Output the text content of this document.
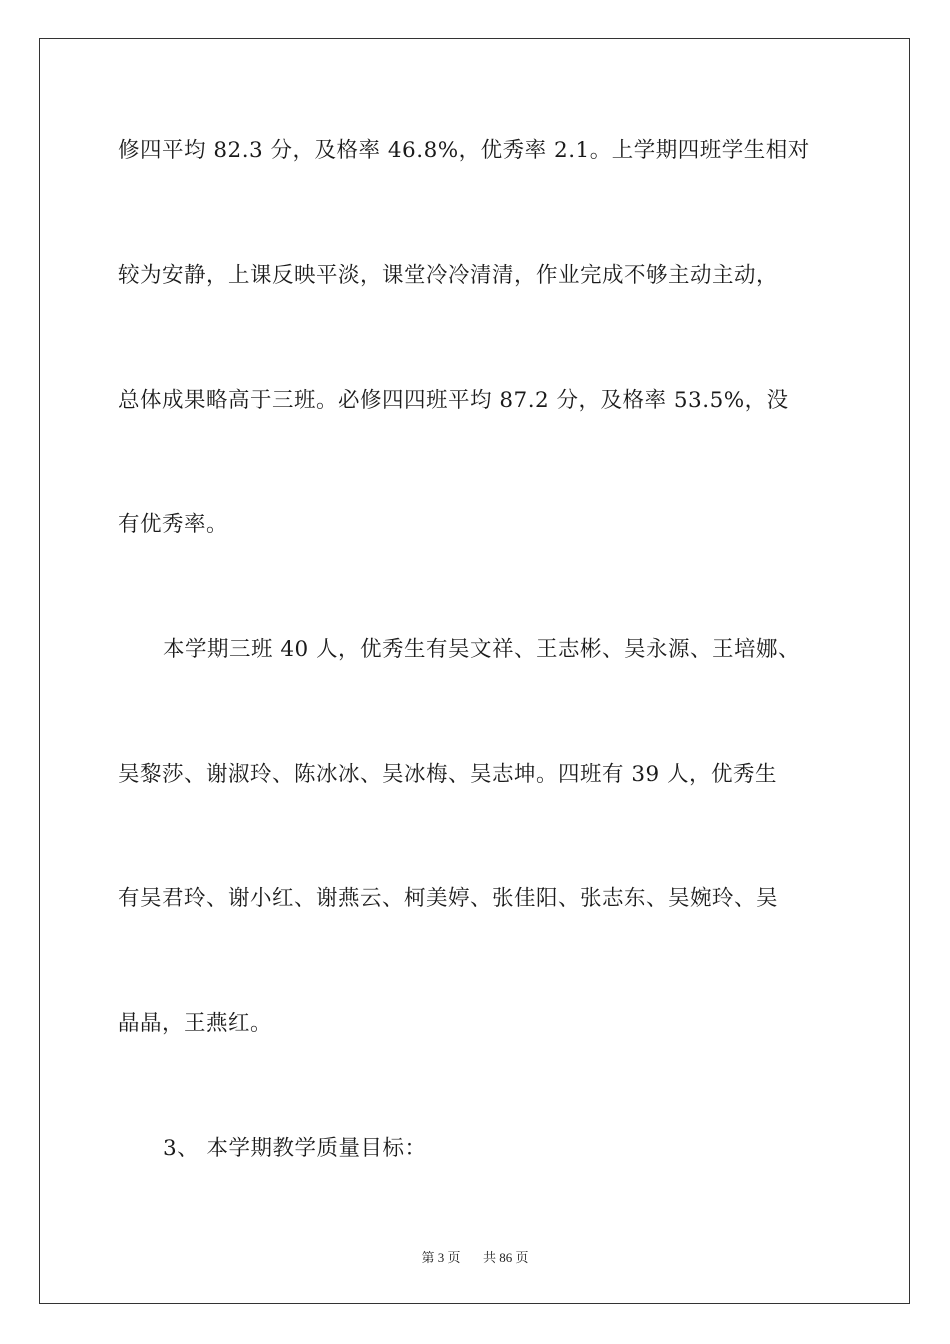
修四平均 82.3 分，及格率 46.8%，优秀率 2.1。上学期四班学生相对
较为安静，上课反映平淡，课堂冷冷清清，作业完成不够主动主动，
总体成果略高于三班。必修四四班平均 87.2 分，及格率 53.5%，没
有优秀率。
本学期三班 40 人，优秀生有吴文祥、王志彬、吴永源、王培娜、
吴黎莎、谢淑玲、陈冰冰、吴冰梅、吴志坤。四班有 39 人，优秀生
有吴君玲、谢小红、谢燕云、柯美婷、张佳阳、张志东、吴婉玲、吴
晶晶，王燕红。
3、 本学期教学质量目标：
第 3 页 共 86 页
